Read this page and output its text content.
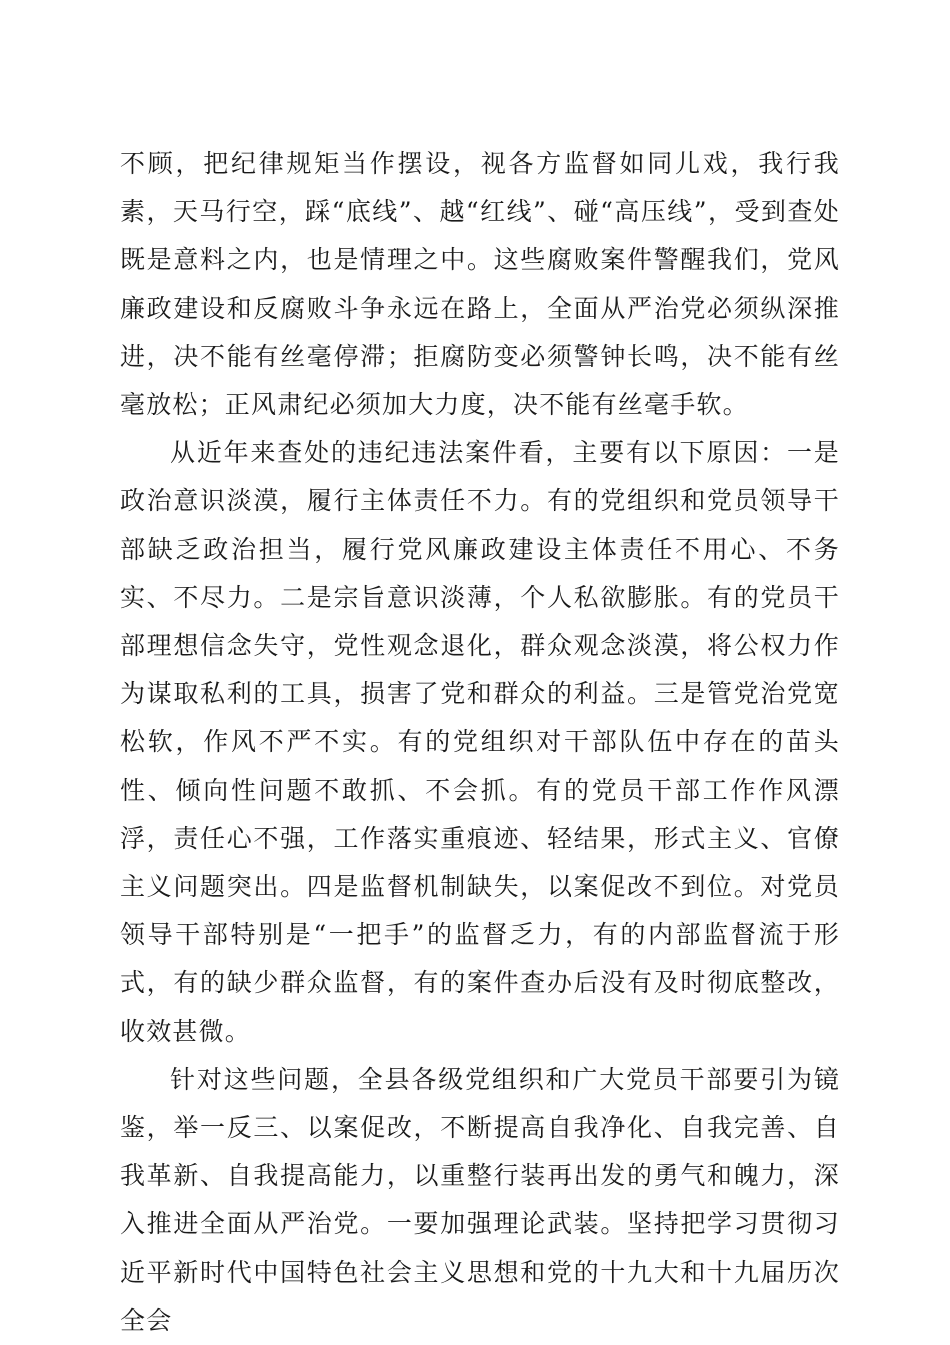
不顾，把纪律规矩当作摆设，视各方监督如同儿戏，我行我素，天马行空，踩“底线”、越“红线”、碰“高压线”，受到查处既是意料之内，也是情理之中。这些腐败案件警醒我们，党风廉政建设和反腐败斗争永远在路上，全面从严治党必须纵深推进，决不能有丝毫停滞；拒腐防变必须警钟长鸣，决不能有丝毫放松；正风肃纪必须加大力度，决不能有丝毫手软。

从近年来查处的违纪违法案件看，主要有以下原因：一是政治意识淡漠，履行主体责任不力。有的党组织和党员领导干部缺乏政治担当，履行党风廉政建设主体责任不用心、不务实、不尽力。二是宗旨意识淡薄，个人私欲膨胀。有的党员干部理想信念失守，党性观念退化，群众观念淡漠，将公权力作为谋取私利的工具，损害了党和群众的利益。三是管党治党宽松软，作风不严不实。有的党组织对干部队伍中存在的苗头性、倾向性问题不敢抓、不会抓。有的党员干部工作作风漂浮，责任心不强，工作落实重痕迹、轻结果，形式主义、官僚主义问题突出。四是监督机制缺失，以案促改不到位。对党员领导干部特别是“一把手”的监督乏力，有的内部监督流于形式，有的缺少群众监督，有的案件查办后没有及时彻底整改，收效甚微。

针对这些问题，全县各级党组织和广大党员干部要引为镜鉴，举一反三、以案促改，不断提高自我净化、自我完善、自我革新、自我提高能力，以重整行装再出发的勇气和魄力，深入推进全面从严治党。一要加强理论武装。坚持把学习贯彻习近平新时代中国特色社会主义思想和党的十九大和十九届历次全会
